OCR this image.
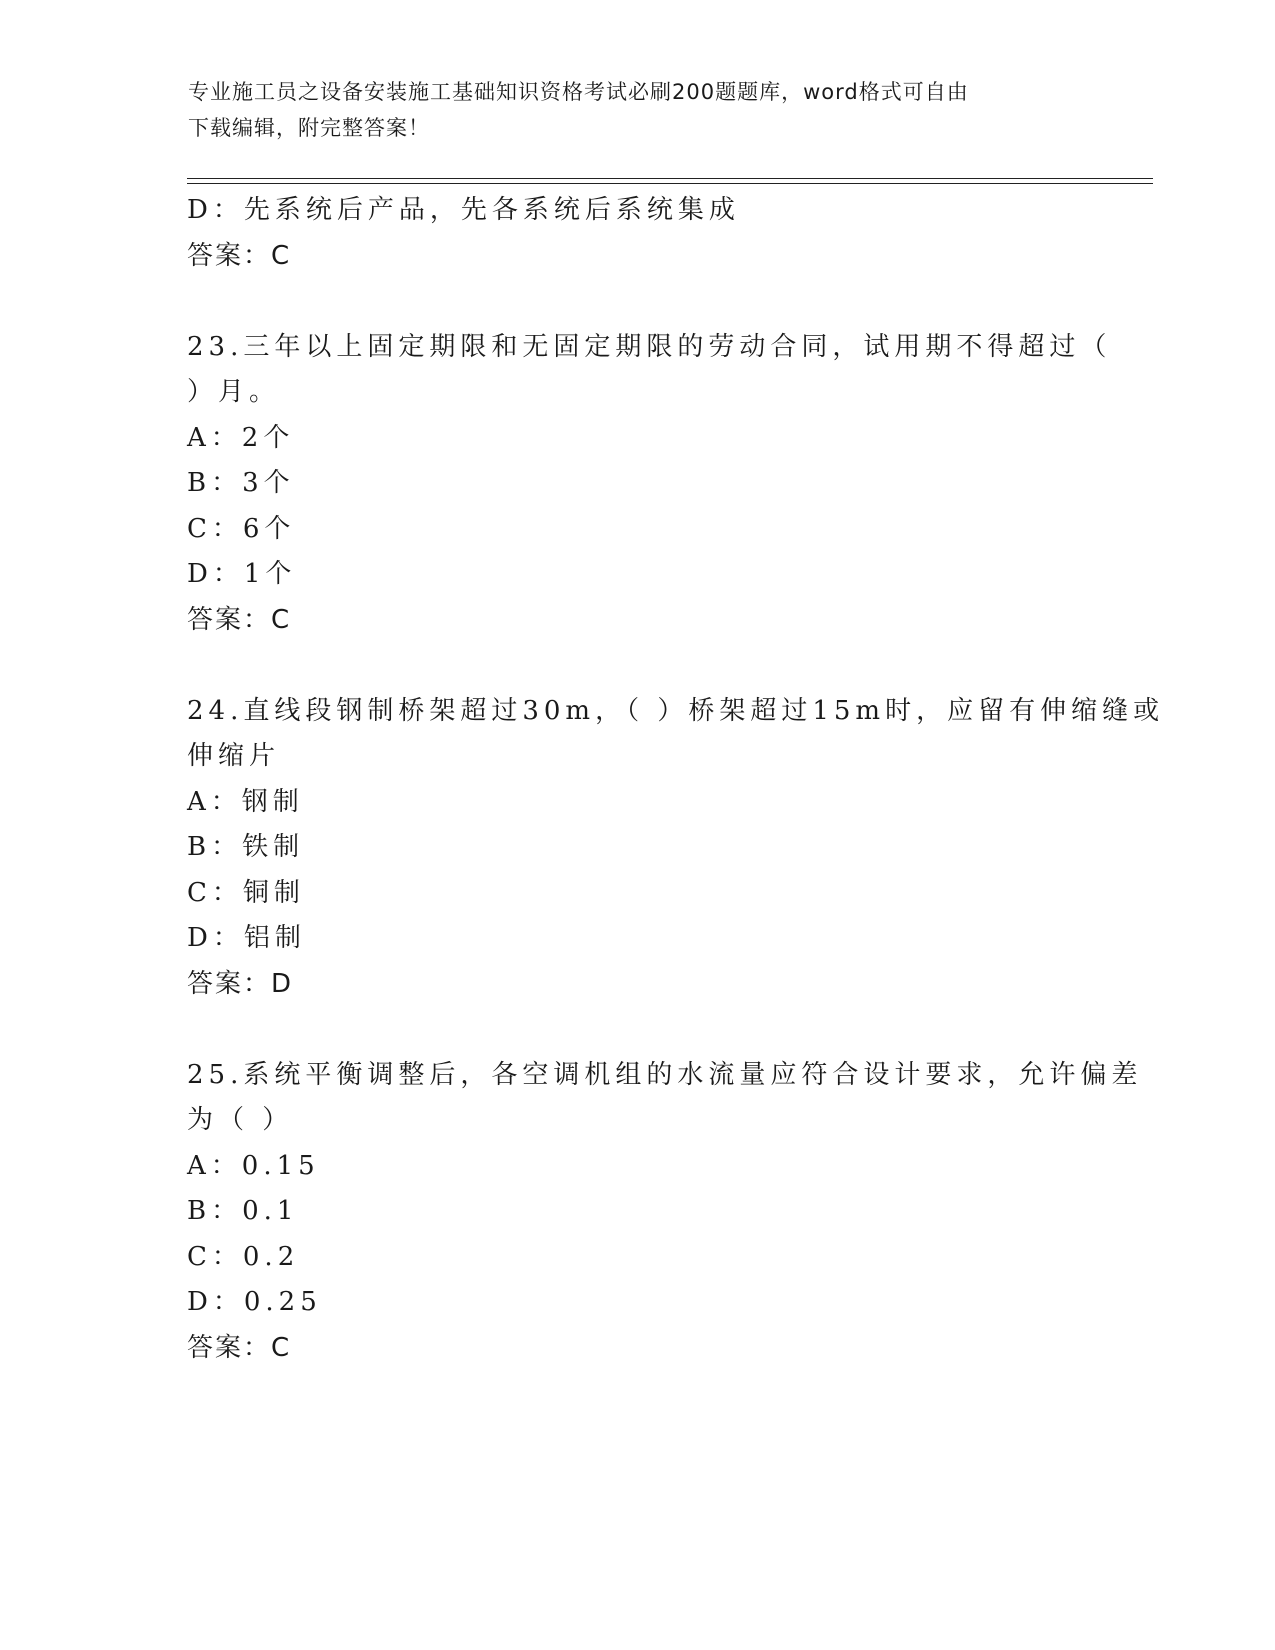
专业施工员之设备安装施工基础知识资格考试必刷200题题库，word格式可自由
下载编辑，附完整答案！
D：先系统后产品，先各系统后系统集成
答案：C
23.三年以上固定期限和无固定期限的劳动合同，试用期不得超过（
）月。
A：2个
B：3个
C：6个
D：1个
答案：C
24.直线段钢制桥架超过30m，（ ）桥架超过15m时，应留有伸缩缝或
伸缩片
A：钢制
B：铁制
C：铜制
D：铝制
答案：D
25.系统平衡调整后，各空调机组的水流量应符合设计要求，允许偏差
为（ ）
A：0.15
B：0.1
C：0.2
D：0.25
答案：C
